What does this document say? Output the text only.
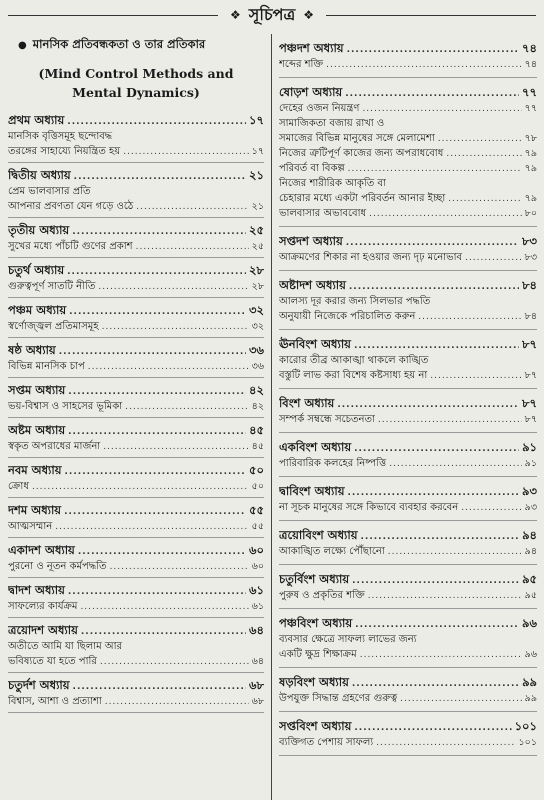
❖ সূচিপত্র ❖
● মানসিক প্রতিবন্ধকতা ও তার প্রতিকার
(Mind Control Methods and
Mental Dynamics)
প্রথম অধ্যায় .....	১৭
মানসিক বৃত্তিসমূহ ছন্দোবদ্ধ
তরঙ্গের সাহায্যে নিয়ন্ত্রিত হয় .....	১৭
দ্বিতীয় অধ্যায় .....	২১
প্রেম ভালবাসার প্রতি
আপনার প্রবণতা যেন গড়ে ওঠে .....	২১
তৃতীয় অধ্যায় .....	২৫
সুখের মধ্যে পাঁচটি গুণের প্রকাশ .....	২৫
চতুর্থ অধ্যায় .....	২৮
গুরুত্বপূর্ণ সাতটি নীতি .....	২৮
পঞ্চম অধ্যায় .....	৩২
স্বর্ণোজ্জ্বল প্রতিমাসমূহ .....	৩২
ষষ্ঠ অধ্যায় .....	৩৬
বিভিন্ন মানসিক চাপ .....	৩৬
সপ্তম অধ্যায় .....	৪২
ভয়-বিশ্বাস ও সাহসের ভূমিকা .....	৪২
অষ্টম অধ্যায় .....	৪৫
স্বকৃত অপরাধের মার্জনা .....	৪৫
নবম অধ্যায় .....	৫০
ক্রোধ .....	৫০
দশম অধ্যায় .....	৫৫
আত্মসম্মান .....	৫৫
একাদশ অধ্যায় .....	৬০
পুরনো ও নূতন কর্মপদ্ধতি .....	৬০
দ্বাদশ অধ্যায় .....	৬১
সাফল্যের কার্যক্রম .....	৬১
ত্রয়োদশ অধ্যায় .....	৬৪
অতীতে আমি যা ছিলাম আর
ভবিষ্যতে যা হতে পারি .....	৬৪
চতুর্দশ অধ্যায় .....	৬৮
বিশ্বাস, আশা ও প্রত্যাশা .....	৬৮
পঞ্চদশ অধ্যায় .....	৭৪
শব্দের শক্তি .....	৭৪
ষোড়শ অধ্যায় .....	৭৭
দেহের ওজন নিয়ন্ত্রণ .....	৭৭
সামাজিকতা বজায় রাখা ও
সমাজের বিভিন্ন মানুষের সঙ্গে মেলামেশা .....	৭৮
নিজের ত্রুটিপূর্ণ কাজের জন্য অপরাধবোধ .....	৭৯
পরিবর্ত বা বিকল্প .....	৭৯
নিজের শারীরিক আকৃতি বা
চেহারার মধ্যে একটা পরিবর্তন আনার ইচ্ছা .....	৭৯
ভালবাসার অভাববোধ .....	৮০
সপ্তদশ অধ্যায় .....	৮৩
আক্রমণের শিকার না হওয়ার জন্য দৃঢ় মনোভাব .....	৮৩
অষ্টাদশ অধ্যায় .....	৮৪
আলস্য দূর করার জন্য সিলভার পদ্ধতি
অনুযায়ী নিজেকে পরিচালিত করুন .....	৮৪
ঊনবিংশ অধ্যায় .....	৮৭
কারোর তীব্র আকাঙ্খা থাকলে কাঙ্খিত
বস্তুটি লাভ করা বিশেষ কষ্টসাধ্য হয় না .....	৮৭
বিংশ অধ্যায় .....	৮৭
সম্পর্ক সম্বন্ধে সচেতনতা .....	৮৭
একবিংশ অধ্যায় .....	৯১
পারিবারিক কলহের নিষ্পত্তি .....	৯১
দ্বাবিংশ অধ্যায় .....	৯৩
না সূচক মানুষের সঙ্গে কিভাবে ব্যবহার করবেন .....	৯৩
ত্রয়োবিংশ অধ্যায় .....	৯৪
আকাঙ্খিত লক্ষ্যে পৌঁছানো .....	৯৪
চতুর্বিংশ অধ্যায় .....	৯৫
পুরুষ ও প্রকৃতির শক্তি .....	৯৫
পঞ্চবিংশ অধ্যায় .....	৯৬
ব্যবসার ক্ষেত্রে সাফল্য লাভের জন্য
একটি ক্ষুদ্র শিক্ষাক্রম .....	৯৬
ষড়বিংশ অধ্যায় .....	৯৯
উপযুক্ত সিদ্ধান্ত গ্রহণের গুরুত্ব .....	৯৯
সপ্তবিংশ অধ্যায় .....	১০১
ব্যক্তিগত পেশায় সাফল্য .....	১০১
